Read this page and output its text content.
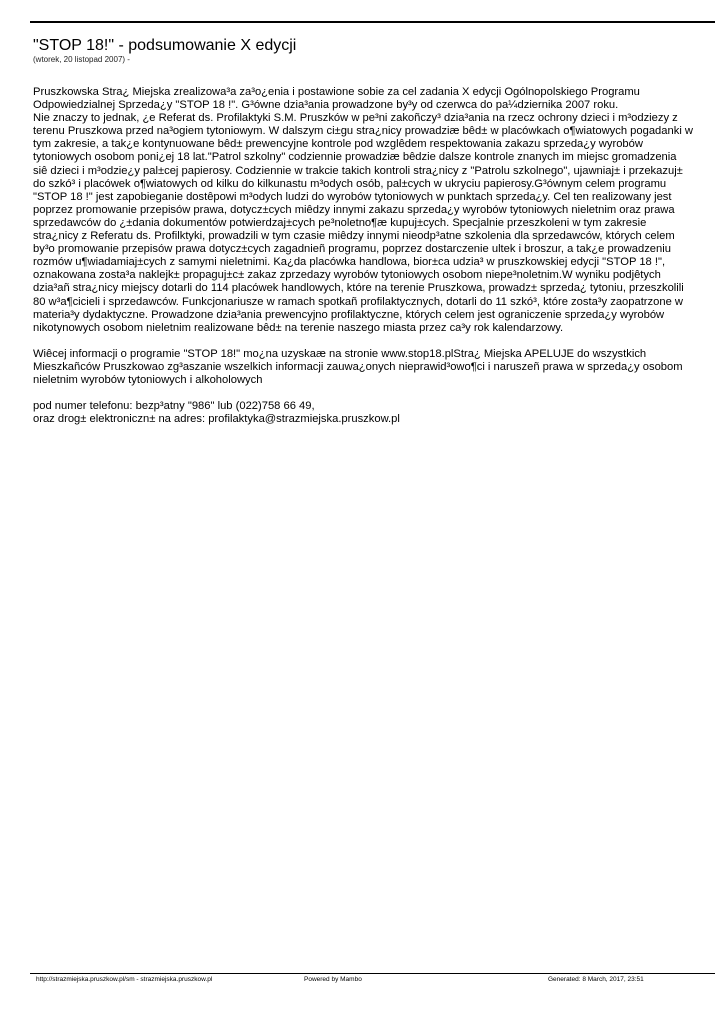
"STOP 18!" - podsumowanie X edycji
(wtorek, 20 listopad 2007) -

Pruszkowska Stra¿ Miejska zrealizowa³a za³o¿enia i postawione sobie za cel zadania X edycji Ogólnopolskiego Programu Odpowiedzialnej Sprzeda¿y "STOP 18 !". G³ówne dzia³ania prowadzone by³y od czerwca do pa¼dziernika 2007 roku.

Nie znaczy to jednak, ¿e Referat ds. Profilaktyki S.M. Pruszków w pe³ni zakoñczy³ dzia³ania na rzecz ochrony dzieci i m³odziezy z terenu Pruszkowa przed na³ogiem tytoniowym. W dalszym ci±gu stra¿nicy prowadziæ bêd± w placówkach o¶wiatowych pogadanki w tym zakresie, a tak¿e kontynuowane bêd± prewencyjne kontrole pod wzglêdem respektowania zakazu sprzeda¿y wyrobów tytoniowych osobom poni¿ej 18 lat."Patrol szkolny" codziennie prowadziæ bêdzie dalsze kontrole znanych im miejsc gromadzenia siê dzieci i m³odzie¿y pal±cej papierosy. Codziennie w trakcie takich kontroli stra¿nicy z "Patrolu szkolnego", ujawniaj± i przekazuj± do szkó³ i placówek o¶wiatowych od kilku do kilkunastu m³odych osób, pal±cych w ukryciu papierosy.G³ównym celem programu "STOP 18 !" jest zapobieganie dostêpowi m³odych ludzi do wyrobów tytoniowych w punktach sprzeda¿y. Cel ten realizowany jest poprzez promowanie przepisów prawa, dotycz±cych miêdzy innymi zakazu sprzeda¿y wyrobów tytoniowych nieletnim oraz prawa sprzedawców do ¿±dania dokumentów potwierdzaj±cych pe³noletno¶æ kupuj±cych. Specjalnie przeszkoleni w tym zakresie stra¿nicy z Referatu ds. Profilktyki, prowadzili w tym czasie miêdzy innymi nieodp³atne szkolenia dla sprzedawców, których celem by³o promowanie przepisów prawa dotycz±cych zagadnieñ programu, poprzez dostarczenie ultek i broszur, a tak¿e prowadzeniu rozmów u¶wiadamiaj±cych z samymi nieletnimi. Ka¿da placówka handlowa, bior±ca udzia³ w pruszkowskiej edycji "STOP 18 !", oznakowana zosta³a naklejk± propaguj±c± zakaz zprzedazy wyrobów tytoniowych osobom niepe³noletnim.W wyniku podjêtych dzia³añ stra¿nicy miejscy dotarli do 114 placówek handlowych, które na terenie Pruszkowa, prowadz± sprzeda¿ tytoniu, przeszkolili 80 w³a¶cicieli i sprzedawców. Funkcjonariusze w ramach spotkañ profilaktycznych, dotarli do 11 szkó³, które zosta³y zaopatrzone w materia³y dydaktyczne. Prowadzone dzia³ania prewencyjno profilaktyczne, których celem jest ograniczenie sprzeda¿y wyrobów nikotynowych osobom nieletnim realizowane bêd± na terenie naszego miasta przez ca³y rok kalendarzowy.

Wiêcej informacji o programie "STOP 18!" mo¿na uzyskaæ na stronie www.stop18.plStra¿ Miejska APELUJE do wszystkich Mieszkañców Pruszkowao zg³aszanie wszelkich informacji zauwa¿onych nieprawid³owo¶ci i naruszeñ prawa w sprzeda¿y osobom nieletnim wyrobów tytoniowych i alkoholowych

pod numer telefonu: bezp³atny "986" lub (022)758 66 49,

oraz drog± elektroniczn± na adres: profilaktyka@strazmiejska.pruszkow.pl

http://strazmiejska.pruszkow.pl/sm - strazmiejska.pruszkow.pl	Powered by Mambo	Generated: 8 March, 2017, 23:51
